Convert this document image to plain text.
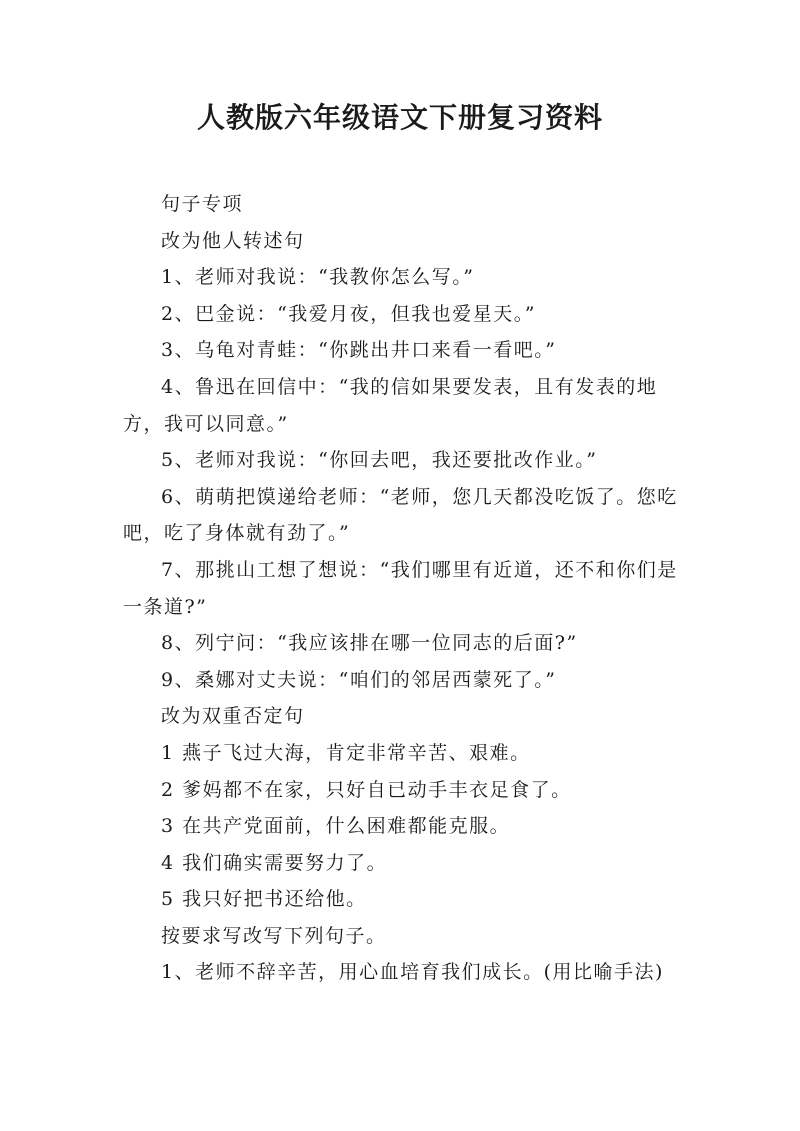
人教版六年级语文下册复习资料

句子专项

改为他人转述句

1、老师对我说：“我教你怎么写。”

2、巴金说：“我爱月夜，但我也爱星天。”

3、乌龟对青蛙：“你跳出井口来看一看吧。”

4、鲁迅在回信中：“我的信如果要发表，且有发表的地方，我可以同意。”

5、老师对我说：“你回去吧，我还要批改作业。”

6、萌萌把馍递给老师：“老师，您几天都没吃饭了。您吃吧，吃了身体就有劲了。”

7、那挑山工想了想说：“我们哪里有近道，还不和你们是一条道?”

8、列宁问：“我应该排在哪一位同志的后面?”

9、桑娜对丈夫说：“咱们的邻居西蒙死了。”

改为双重否定句

1 燕子飞过大海，肯定非常辛苦、艰难。

2 爹妈都不在家，只好自已动手丰衣足食了。

3 在共产党面前，什么困难都能克服。

4 我们确实需要努力了。

5 我只好把书还给他。

按要求写改写下列句子。

1、老师不辞辛苦，用心血培育我们成长。(用比喻手法)
